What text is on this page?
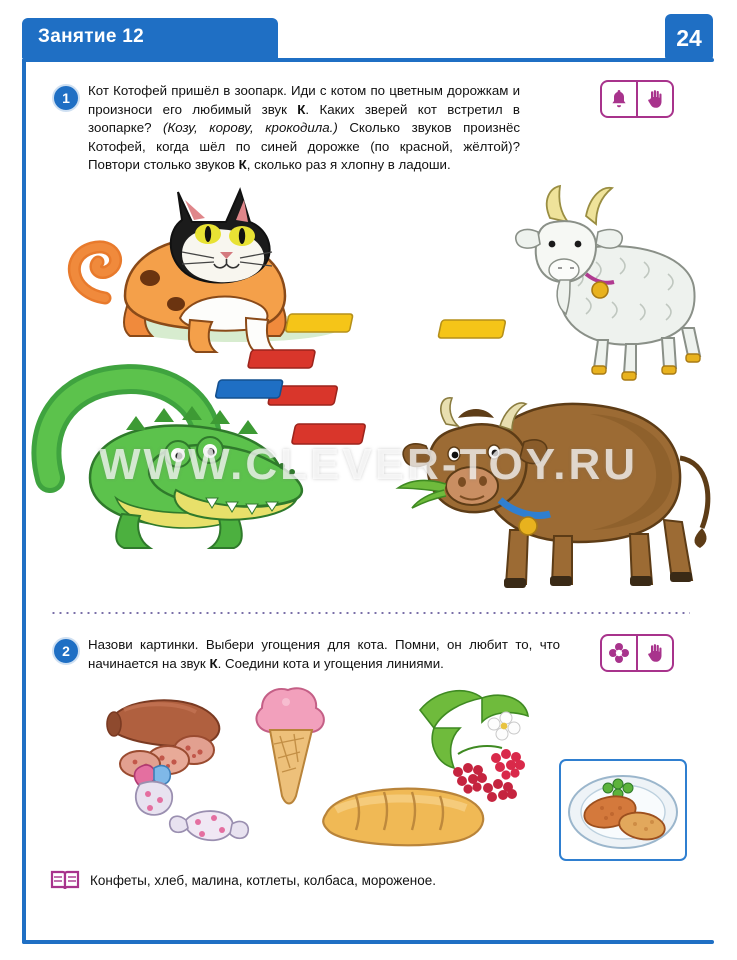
Занятие 12	24
1	Кот Котофей пришёл в зоопарк. Иди с котом по цветным дорожкам и произноси его любимый звук К. Каких зверей кот встретил в зоопарке? (Козу, корову, крокодила.) Сколько звуков произнёс Котофей, когда шёл по синей дорожке (по красной, жёлтой)? Повтори столько звуков К, сколько раз я хлопну в ладоши.
WWW.CLEVER-TOY.RU
2	Назови картинки. Выбери угощения для кота. Помни, он любит то, что начинается на звук К. Соедини кота и угощения линиями.
Конфеты, хлеб, малина, котлеты, колбаса, мороженое.
